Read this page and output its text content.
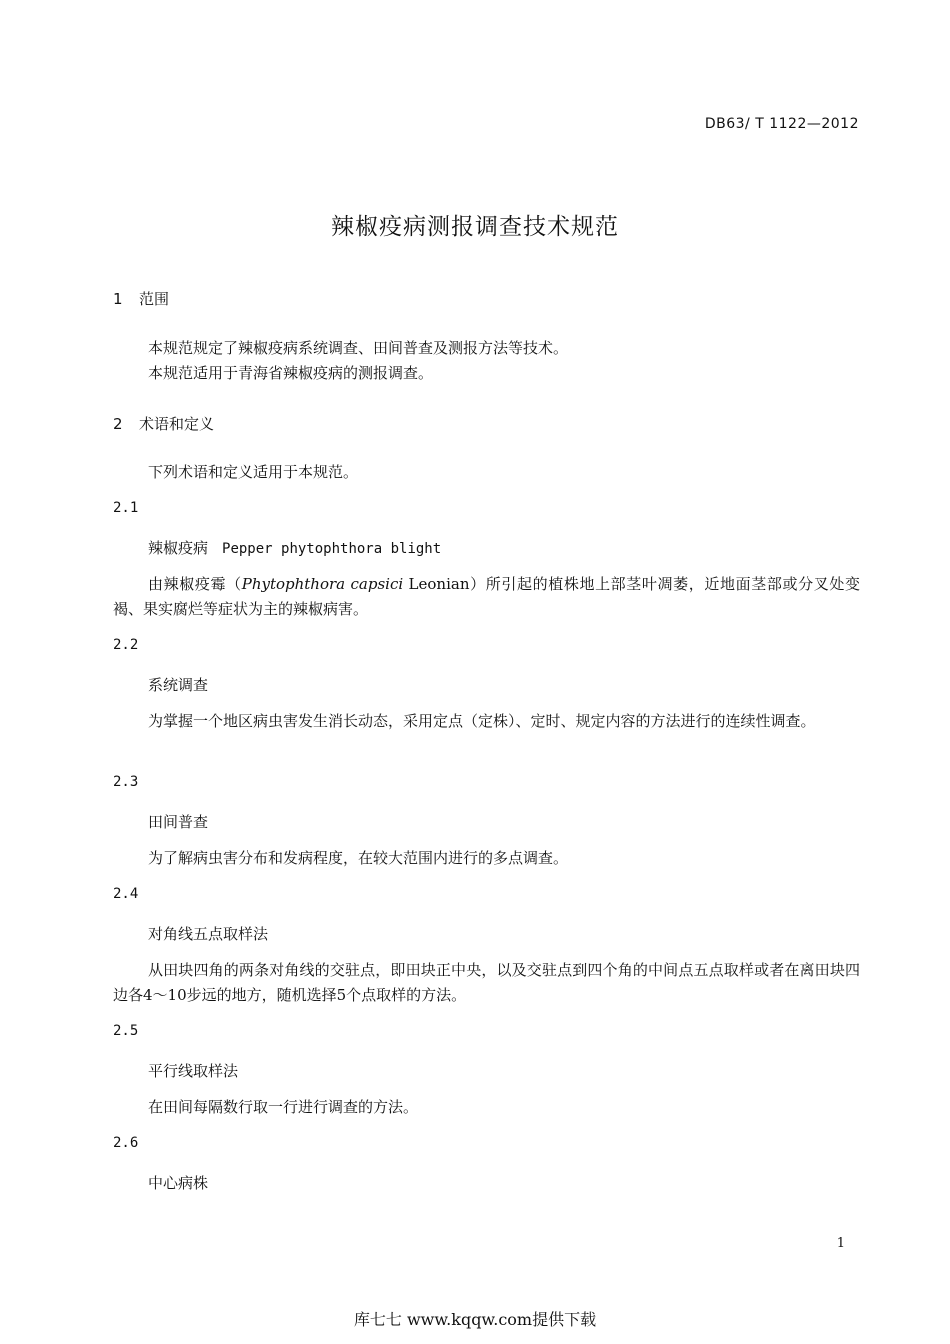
DB63/ T 1122—2012
辣椒疫病测报调查技术规范
1 范围
本规范规定了辣椒疫病系统调查、田间普查及测报方法等技术。
本规范适用于青海省辣椒疫病的测报调查。
2 术语和定义
下列术语和定义适用于本规范。
2.1
辣椒疫病 Pepper phytophthora blight
由辣椒疫霉（Phytophthora capsici Leonian）所引起的植株地上部茎叶凋萎，近地面茎部或分叉处变褐、果实腐烂等症状为主的辣椒病害。
2.2
系统调查
为掌握一个地区病虫害发生消长动态，采用定点（定株）、定时、规定内容的方法进行的连续性调查。
2.3
田间普查
为了解病虫害分布和发病程度，在较大范围内进行的多点调查。
2.4
对角线五点取样法
从田块四角的两条对角线的交驻点，即田块正中央，以及交驻点到四个角的中间点五点取样或者在离田块四边各4～10步远的地方，随机选择5个点取样的方法。
2.5
平行线取样法
在田间每隔数行取一行进行调查的方法。
2.6
中心病株
1
库七七 www.kqqw.com提供下载
